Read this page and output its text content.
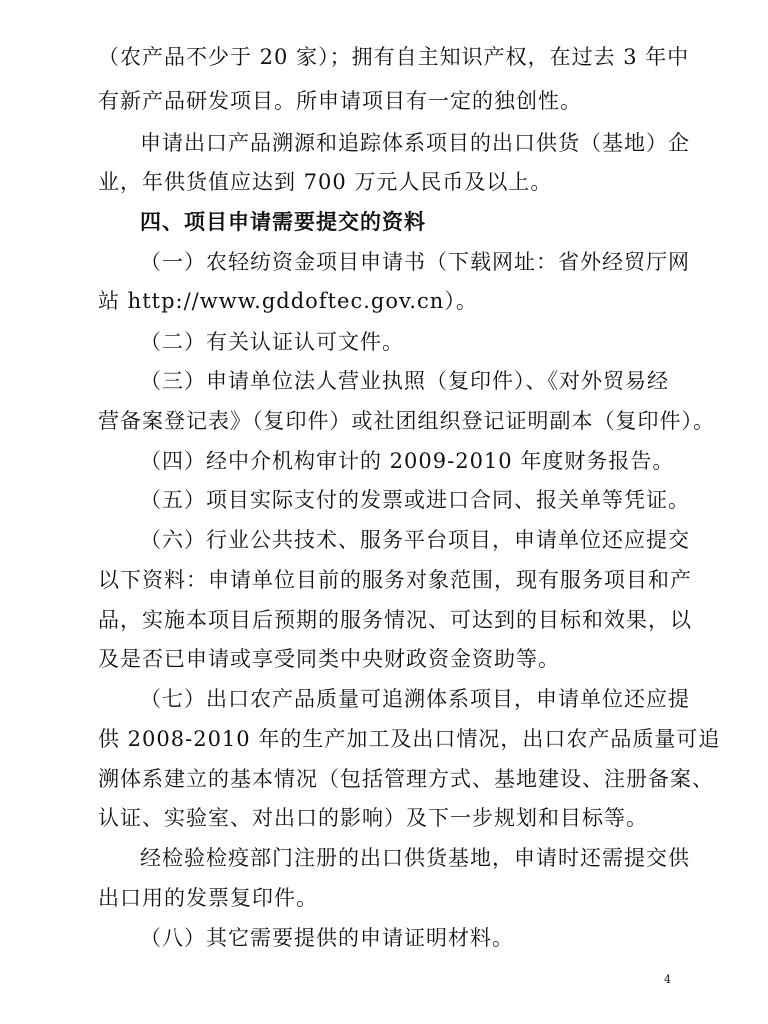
（农产品不少于 20 家）；拥有自主知识产权，在过去 3 年中
有新产品研发项目。所申请项目有一定的独创性。
申请出口产品溯源和追踪体系项目的出口供货（基地）企
业，年供货值应达到 700 万元人民币及以上。
四、项目申请需要提交的资料
（一）农轻纺资金项目申请书（下载网址：省外经贸厅网
站 http://www.gddoftec.gov.cn）。
（二）有关认证认可文件。
（三）申请单位法人营业执照（复印件）、《对外贸易经
营备案登记表》（复印件）或社团组织登记证明副本（复印件）。
（四）经中介机构审计的 2009-2010 年度财务报告。
（五）项目实际支付的发票或进口合同、报关单等凭证。
（六）行业公共技术、服务平台项目，申请单位还应提交
以下资料：申请单位目前的服务对象范围，现有服务项目和产
品，实施本项目后预期的服务情况、可达到的目标和效果，以
及是否已申请或享受同类中央财政资金资助等。
（七）出口农产品质量可追溯体系项目，申请单位还应提
供 2008-2010 年的生产加工及出口情况，出口农产品质量可追
溯体系建立的基本情况（包括管理方式、基地建设、注册备案、
认证、实验室、对出口的影响）及下一步规划和目标等。
经检验检疫部门注册的出口供货基地，申请时还需提交供
出口用的发票复印件。
（八）其它需要提供的申请证明材料。
4
